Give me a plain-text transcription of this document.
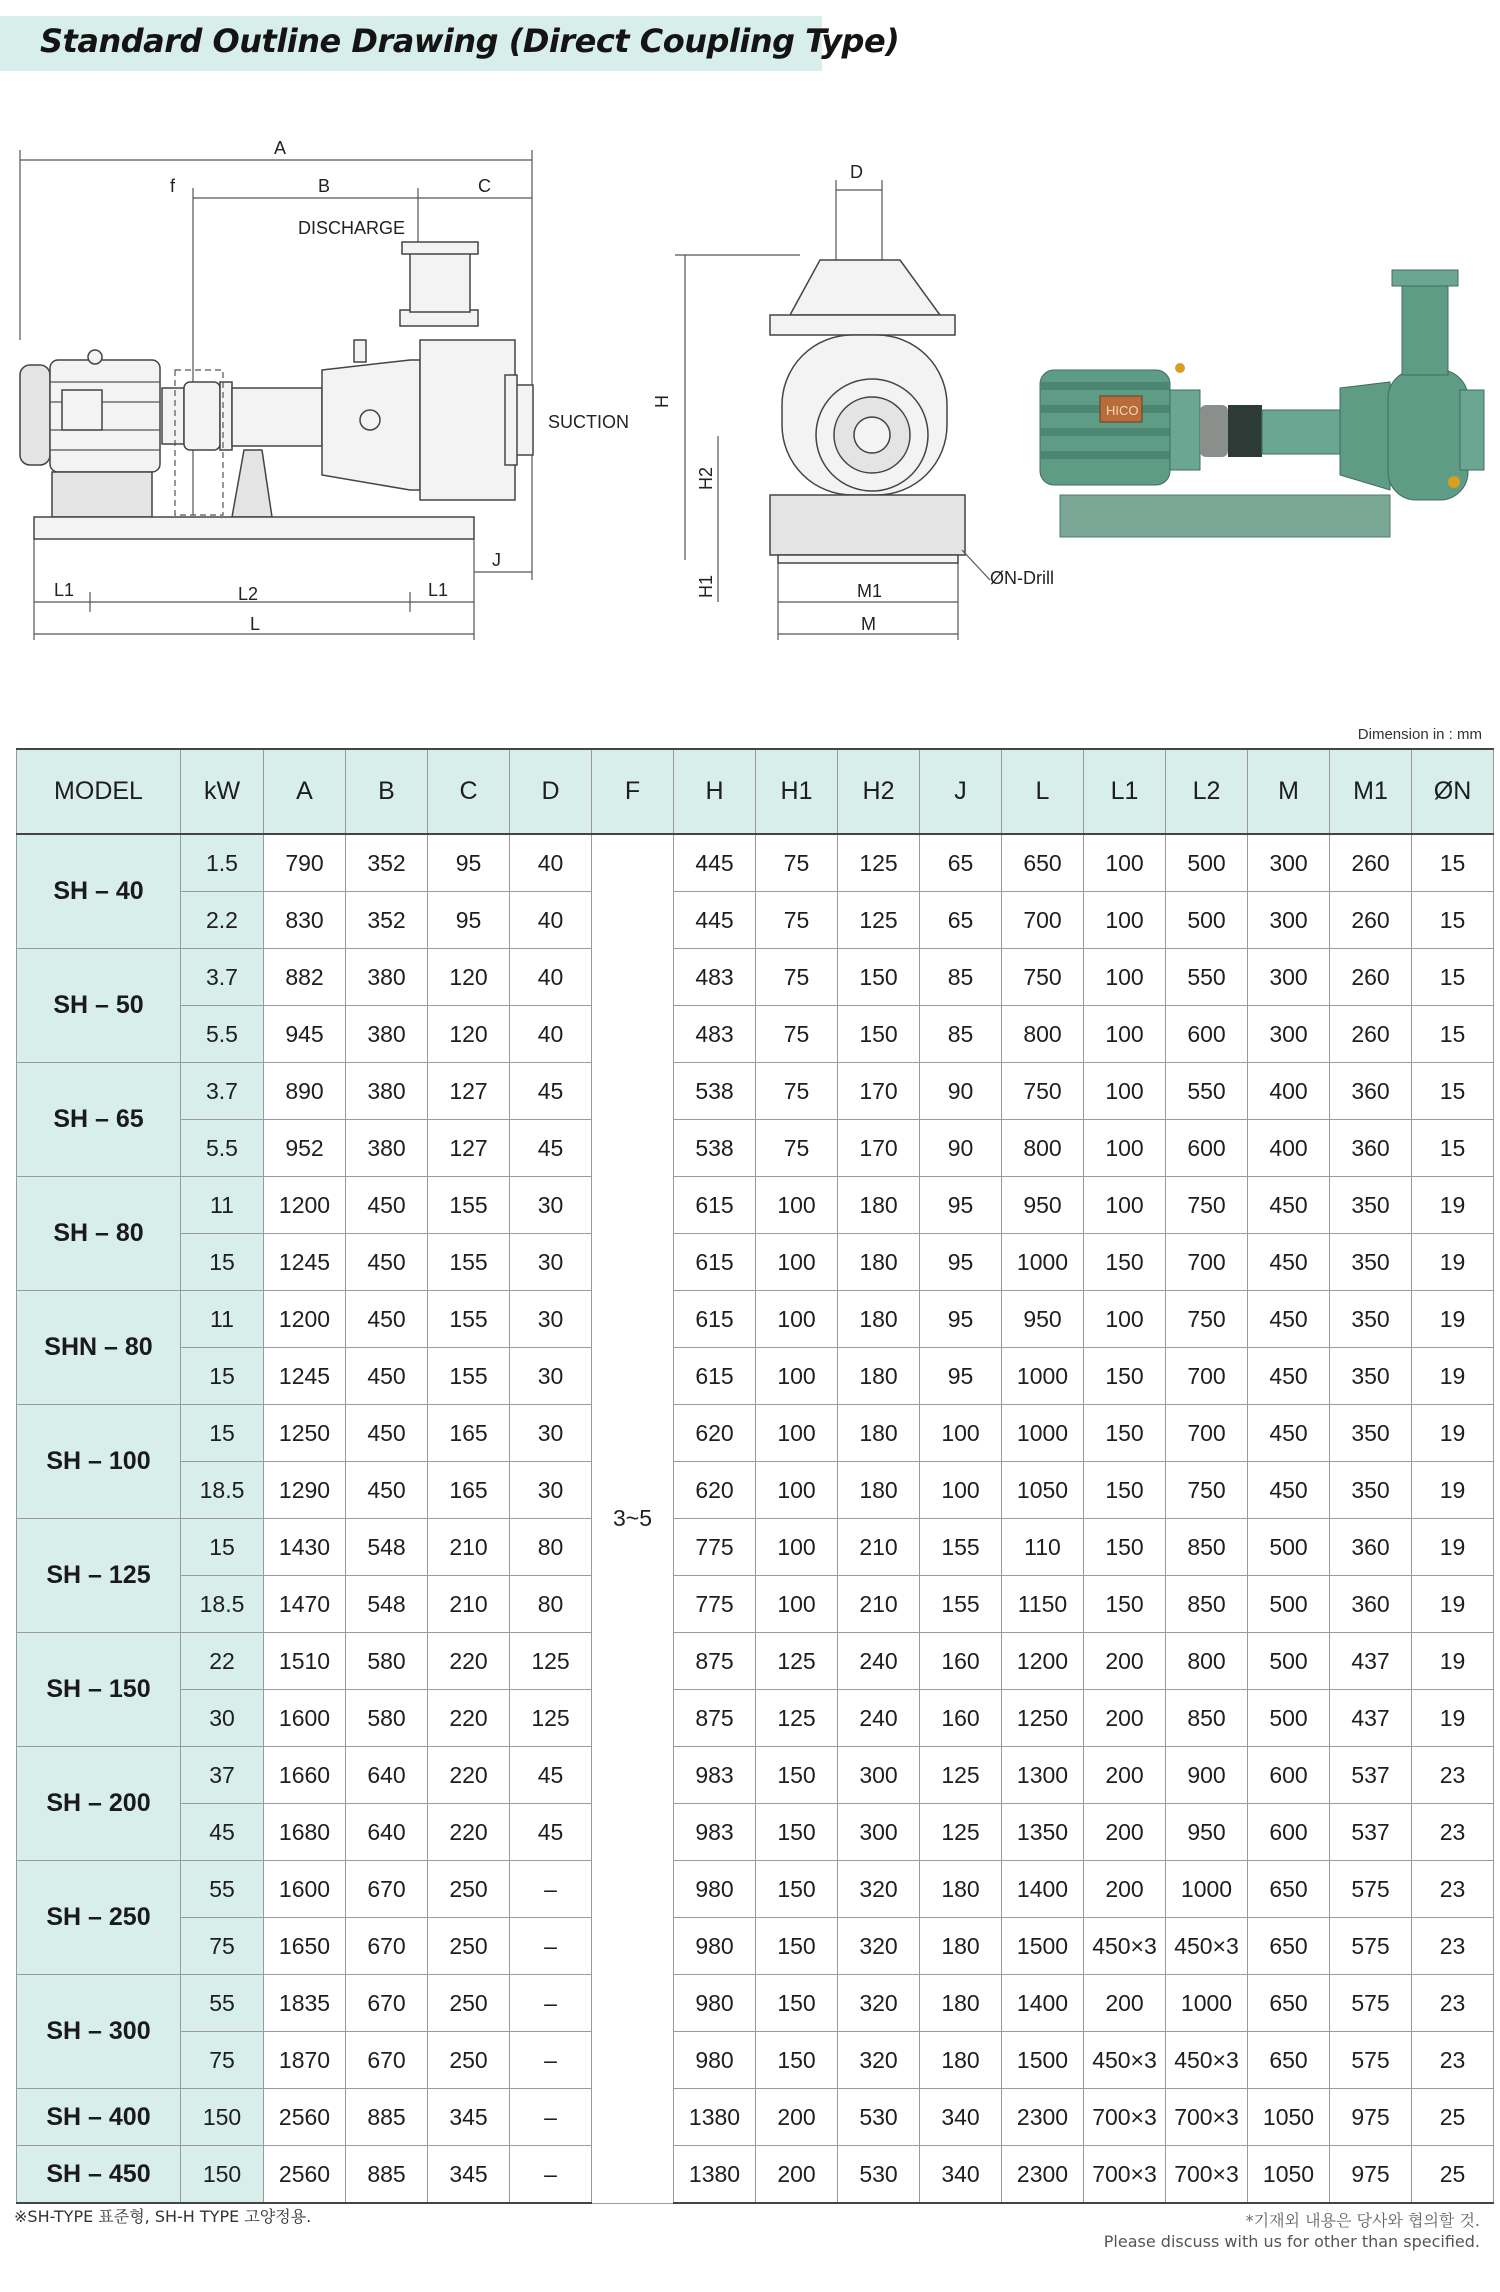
Standard Outline Drawing (Direct Coupling Type)
A
f	B	C
DISCHARGE
SUCTION
J
L1	L2	L1
L
D
H
H2
H1	M1
M
ØN-Drill
HICO
Dimension in : mm
MODEL	kW	A	B	C	D	F	H	H1	H2	J	L	L1	L2	M	M1	ØN
SH – 40	1.5	790	352	95	40	3~5	445	75	125	65	650	100	500	300	260	15
	2.2	830	352	95	40		445	75	125	65	700	100	500	300	260	15
SH – 50	3.7	882	380	120	40		483	75	150	85	750	100	550	300	260	15
	5.5	945	380	120	40		483	75	150	85	800	100	600	300	260	15
SH – 65	3.7	890	380	127	45		538	75	170	90	750	100	550	400	360	15
	5.5	952	380	127	45		538	75	170	90	800	100	600	400	360	15
SH – 80	11	1200	450	155	30		615	100	180	95	950	100	750	450	350	19
	15	1245	450	155	30		615	100	180	95	1000	150	700	450	350	19
SHN – 80	11	1200	450	155	30		615	100	180	95	950	100	750	450	350	19
	15	1245	450	155	30		615	100	180	95	1000	150	700	450	350	19
SH – 100	15	1250	450	165	30		620	100	180	100	1000	150	700	450	350	19
	18.5	1290	450	165	30		620	100	180	100	1050	150	750	450	350	19
SH – 125	15	1430	548	210	80		775	100	210	155	110	150	850	500	360	19
	18.5	1470	548	210	80		775	100	210	155	1150	150	850	500	360	19
SH – 150	22	1510	580	220	125		875	125	240	160	1200	200	800	500	437	19
	30	1600	580	220	125		875	125	240	160	1250	200	850	500	437	19
SH – 200	37	1660	640	220	45		983	150	300	125	1300	200	900	600	537	23
	45	1680	640	220	45		983	150	300	125	1350	200	950	600	537	23
SH – 250	55	1600	670	250	–		980	150	320	180	1400	200	1000	650	575	23
	75	1650	670	250	–		980	150	320	180	1500	450×3	450×3	650	575	23
SH – 300	55	1835	670	250	–		980	150	320	180	1400	200	1000	650	575	23
	75	1870	670	250	–		980	150	320	180	1500	450×3	450×3	650	575	23
SH – 400	150	2560	885	345	–		1380	200	530	340	2300	700×3	700×3	1050	975	25
SH – 450	150	2560	885	345	–		1380	200	530	340	2300	700×3	700×3	1050	975	25
※SH-TYPE 표준형, SH-H TYPE 고양정용.	*기재외 내용은 당사와 협의할 것.
Please discuss with us for other than specified.
